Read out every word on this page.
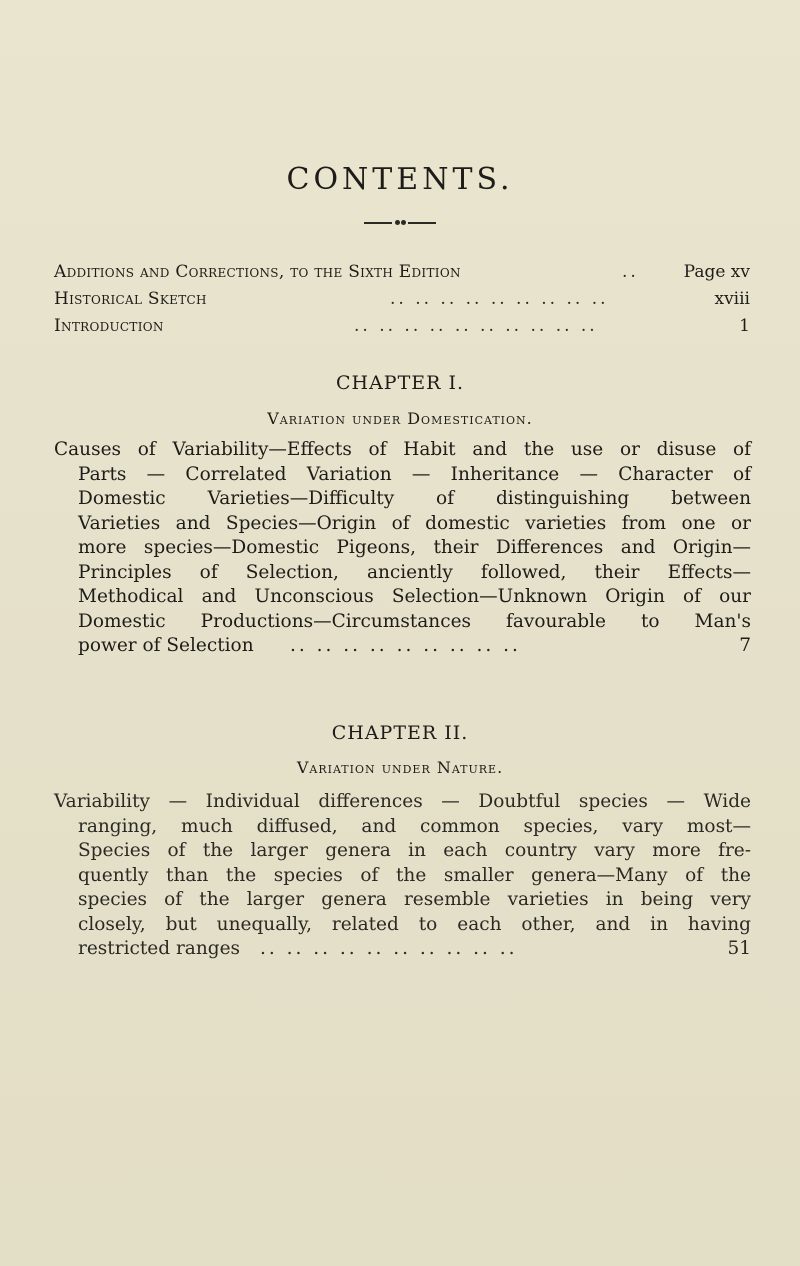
CONTENTS.
Additions and Corrections, to the Sixth Edition	..	Page xv
Historical Sketch	.. .. .. .. .. .. .. .. ..	xviii
Introduction	.. .. .. .. .. .. .. .. .. ..	1
CHAPTER I.
Variation under Domestication.
Causes of Variability—Effects of Habit and the use or disuse of
Parts — Correlated Variation — Inheritance — Character of
Domestic Varieties—Difficulty of distinguishing between
Varieties and Species—Origin of domestic varieties from one or
more species—Domestic Pigeons, their Differences and Origin—
Principles of Selection, anciently followed, their Effects—
Methodical and Unconscious Selection—Unknown Origin of our
Domestic Productions—Circumstances favourable to Man's
power of Selection .. .. .. .. .. .. .. .. ..	7
CHAPTER II.
Variation under Nature.
Variability — Individual differences — Doubtful species — Wide
ranging, much diffused, and common species, vary most—
Species of the larger genera in each country vary more fre-
quently than the species of the smaller genera—Many of the
species of the larger genera resemble varieties in being very
closely, but unequally, related to each other, and in having
restricted ranges .. .. .. .. .. .. .. .. .. ..	51
